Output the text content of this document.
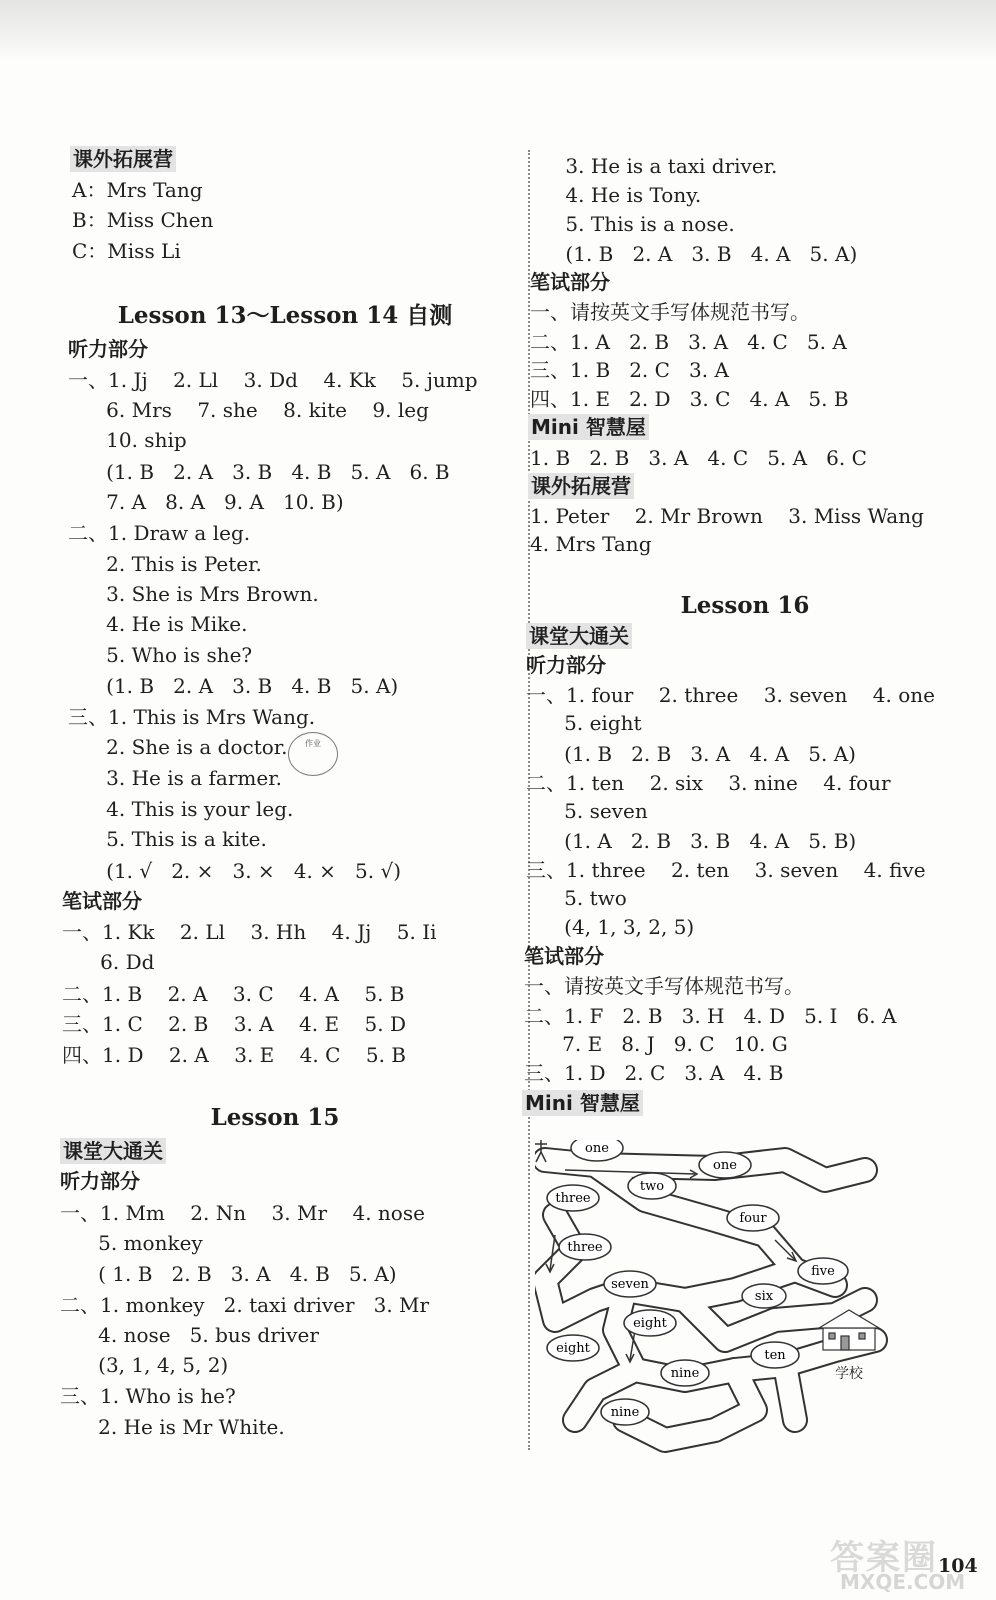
课外拓展营
A：Mrs Tang
B：Miss Chen
C：Miss Li
Lesson 13～Lesson 14 自测
听力部分
一、1. Jj    2. Ll    3. Dd    4. Kk    5. jump
6. Mrs    7. she    8. kite    9. leg
10. ship
(1. B   2. A   3. B   4. B   5. A   6. B
7. A   8. A   9. A   10. B)
二、1. Draw a leg.
2. This is Peter.
3. She is Mrs Brown.
4. He is Mike.
5. Who is she?
(1. B   2. A   3. B   4. B   5. A)
三、1. This is Mrs Wang.
2. She is a doctor.
3. He is a farmer.
4. This is your leg.
5. This is a kite.
(1. √   2. ×   3. ×   4. ×   5. √)
作业
笔试部分
一、1. Kk    2. Ll    3. Hh    4. Jj    5. Ii
6. Dd
二、1. B    2. A    3. C    4. A    5. B
三、1. C    2. B    3. A    4. E    5. D
四、1. D    2. A    3. E    4. C    5. B
Lesson 15
课堂大通关
听力部分
一、1. Mm    2. Nn    3. Mr    4. nose
5. monkey
( 1. B   2. B   3. A   4. B   5. A)
二、1. monkey   2. taxi driver   3. Mr
4. nose   5. bus driver
(3, 1, 4, 5, 2)
三、1. Who is he?
2. He is Mr White.
3. He is a taxi driver.
4. He is Tony.
5. This is a nose.
(1. B   2. A   3. B   4. A   5. A)
笔试部分
一、请按英文手写体规范书写。
二、1. A   2. B   3. A   4. C   5. A
三、1. B   2. C   3. A
四、1. E   2. D   3. C   4. A   5. B
Mini 智慧屋
1. B   2. B   3. A   4. C   5. A   6. C
课外拓展营
1. Peter    2. Mr Brown    3. Miss Wang
4. Mrs Tang
Lesson 16
课堂大通关
听力部分
一、1. four    2. three    3. seven    4. one
5. eight
(1. B   2. B   3. A   4. A   5. A)
二、1. ten    2. six    3. nine    4. four
5. seven
(1. A   2. B   3. B   4. A   5. B)
三、1. three    2. ten    3. seven    4. five
5. two
(4, 1, 3, 2, 5)
笔试部分
一、请按英文手写体规范书写。
二、1. F   2. B   3. H   4. D   5. I   6. A
7. E   8. J   9. C   10. G
三、1. D   2. C   3. A   4. B
Mini 智慧屋
one
one
two
three
four
three
five
seven
six
eight
eight	ten
nine
nine
学校
答案圈
MXQE.COM
104
